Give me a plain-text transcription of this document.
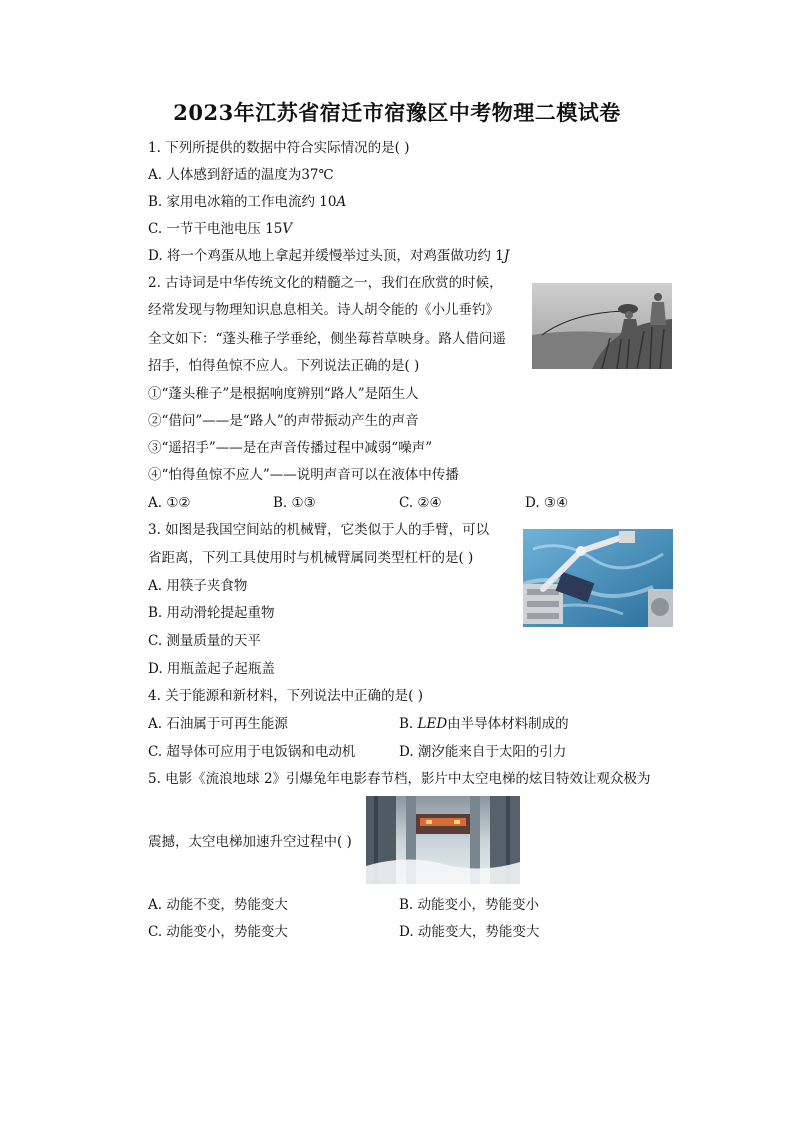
2023年江苏省宿迁市宿豫区中考物理二模试卷
1. 下列所提供的数据中符合实际情况的是( )
A. 人体感到舒适的温度为37℃
B. 家用电冰箱的工作电流约 10A
C. 一节干电池电压 15V
D. 将一个鸡蛋从地上拿起并缓慢举过头顶，对鸡蛋做功约 1J
2. 古诗词是中华传统文化的精髓之一，我们在欣赏的时候，
经常发现与物理知识息息相关。诗人胡令能的《小儿垂钓》
全文如下：“蓬头稚子学垂纶，侧坐莓苔草映身。路人借问遥
招手，怕得鱼惊不应人。下列说法正确的是( )
①“蓬头稚子”是根据响度辨别“路人”是陌生人
②“借问”——是“路人”的声带振动产生的声音
③“遥招手”——是在声音传播过程中减弱“噪声”
④“怕得鱼惊不应人”——说明声音可以在液体中传播
A. ①②	B. ①③	C. ②④	D. ③④
3. 如图是我国空间站的机械臂，它类似于人的手臂，可以
省距离，下列工具使用时与机械臂属同类型杠杆的是( )
A. 用筷子夹食物
B. 用动滑轮提起重物
C. 测量质量的天平
D. 用瓶盖起子起瓶盖
4. 关于能源和新材料，下列说法中正确的是( )
A. 石油属于可再生能源	B. LED由半导体材料制成的
C. 超导体可应用于电饭锅和电动机	D. 潮汐能来自于太阳的引力
5. 电影《流浪地球 2》引爆兔年电影春节档，影片中太空电梯的炫目特效让观众极为
震撼，太空电梯加速升空过程中( )
A. 动能不变，势能变大	B. 动能变小，势能变小
C. 动能变小，势能变大	D. 动能变大，势能变大
